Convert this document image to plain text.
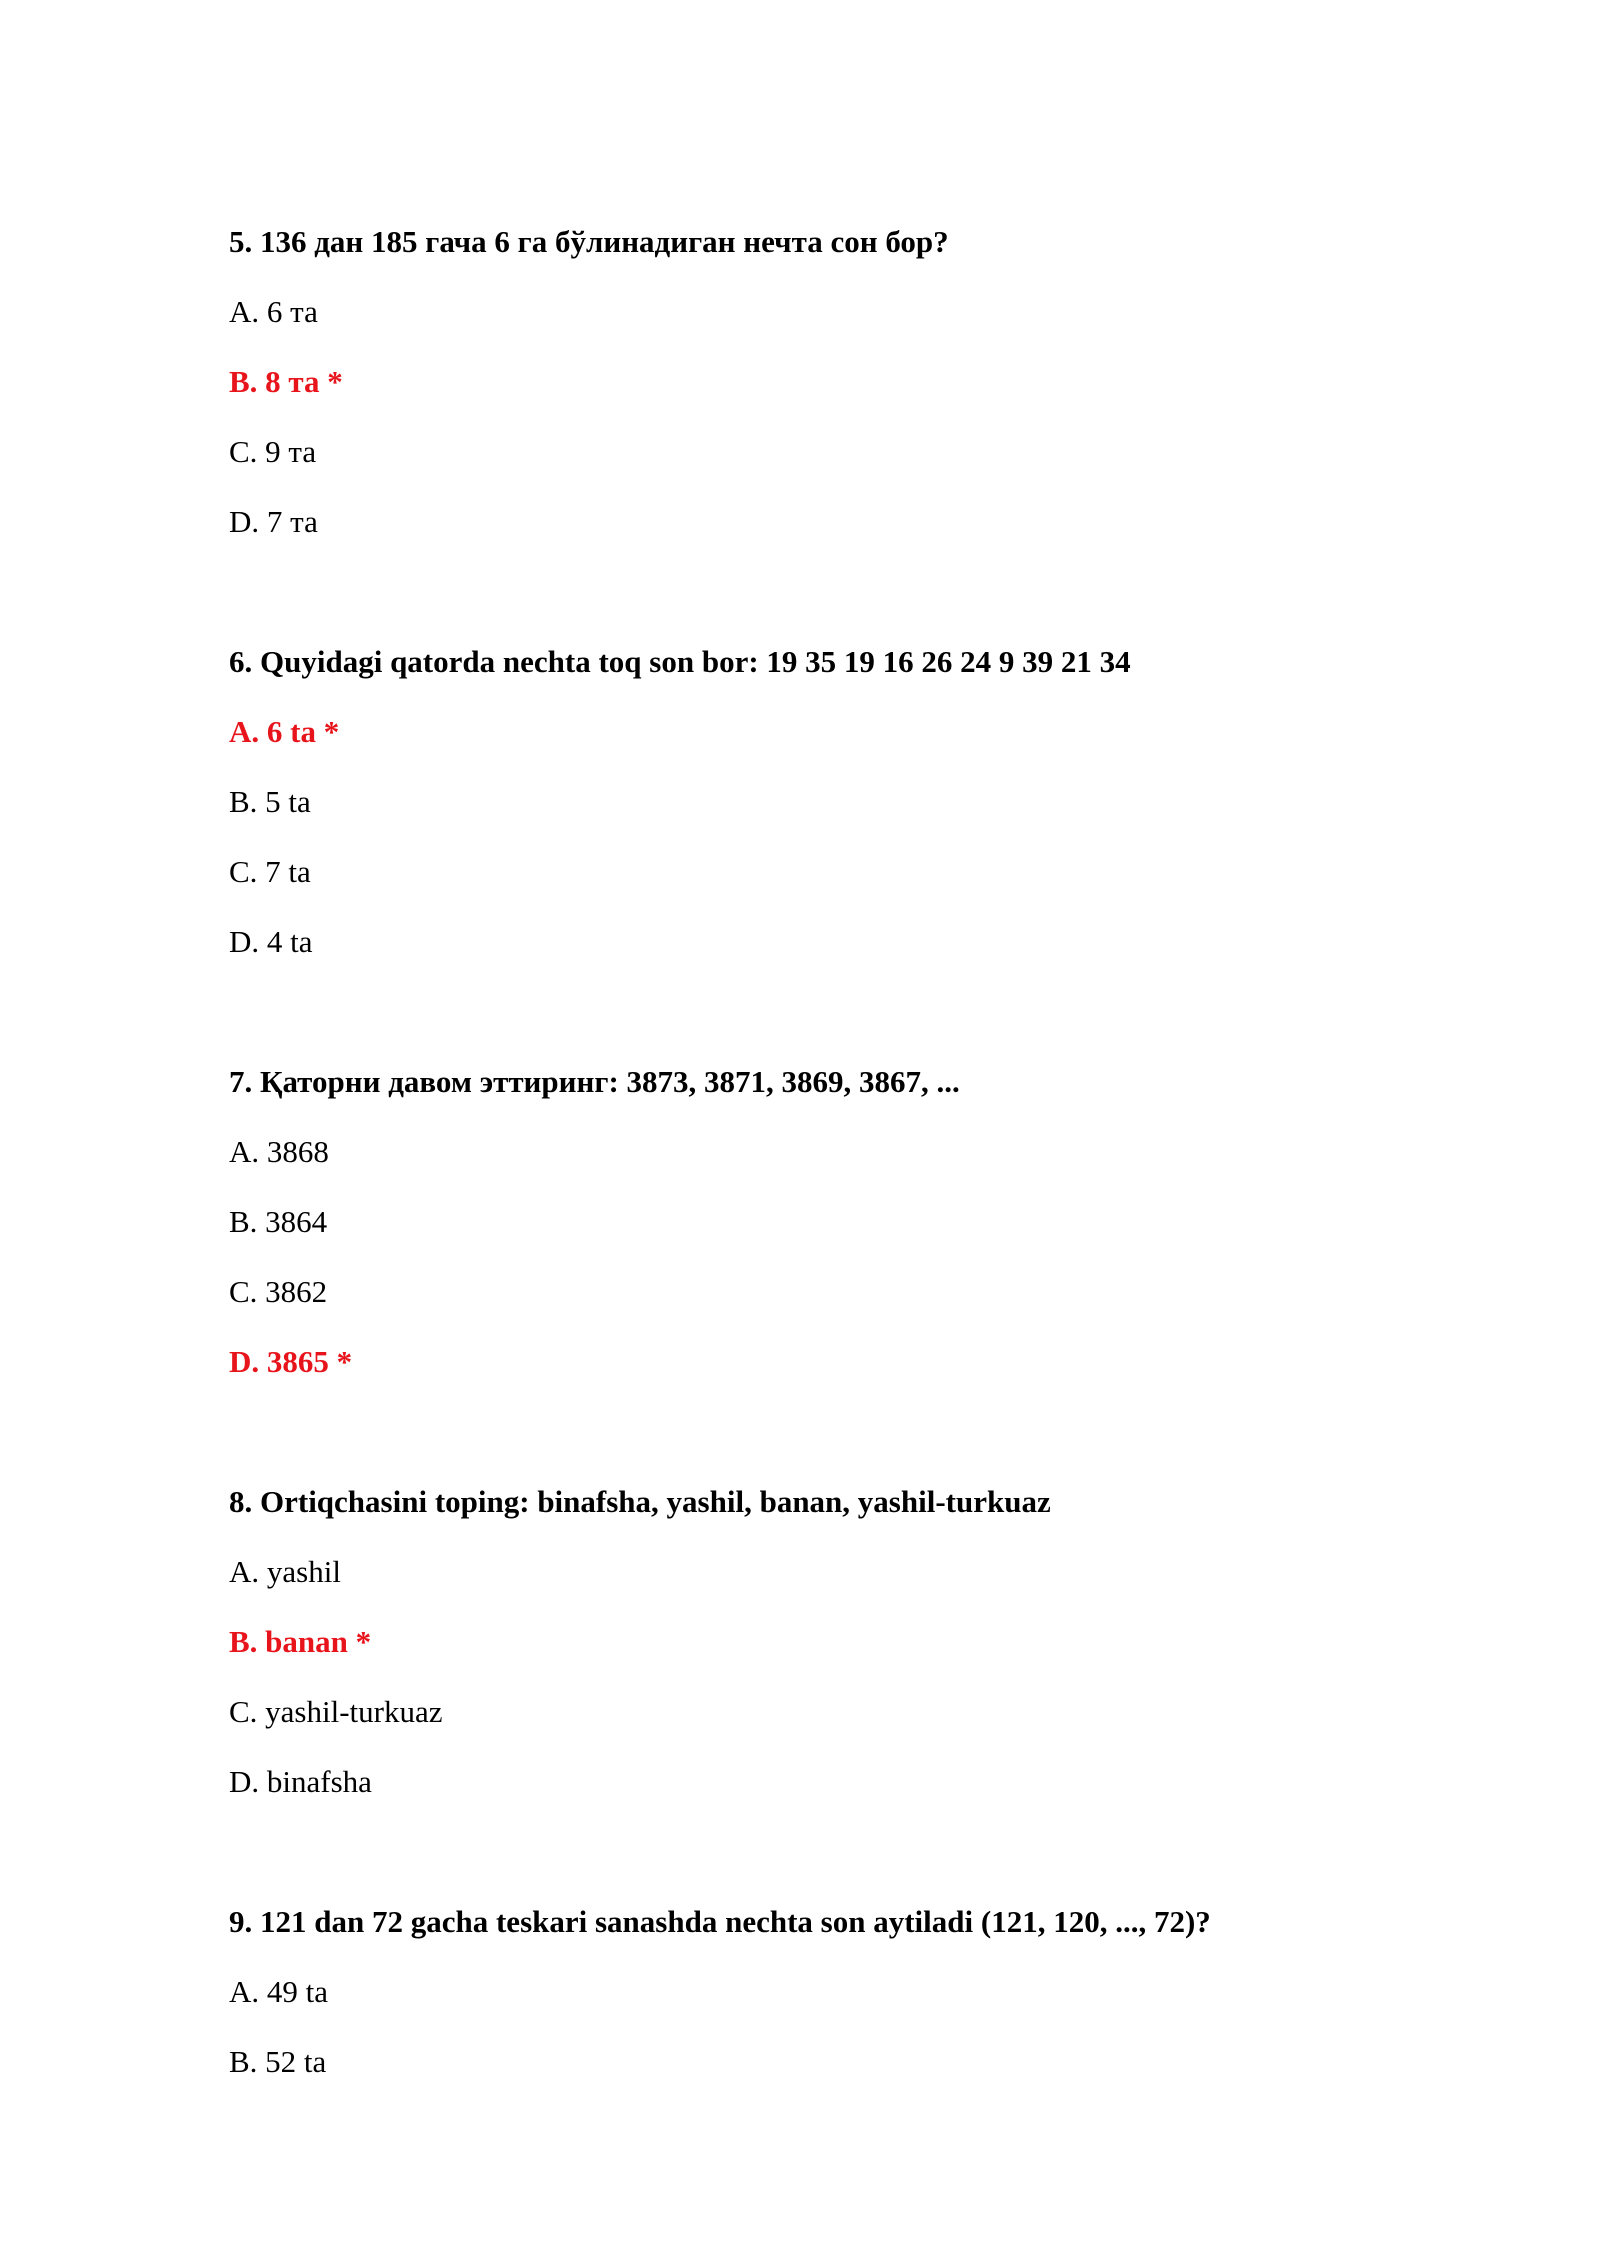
5. 136 дан 185 гача 6 га бўлинадиган нечта сон бор?
A. 6 та
B. 8 та *
C. 9 та
D. 7 та
6. Quyidagi qatorda nechta toq son bor: 19 35 19 16 26 24 9 39 21 34
A. 6 ta *
B. 5 ta
C. 7 ta
D. 4 ta
7. Қаторни давом эттиринг: 3873, 3871, 3869, 3867, ...
A. 3868
B. 3864
C. 3862
D. 3865 *
8. Ortiqchasini toping: binafsha, yashil, banan, yashil-turkuaz
A. yashil
B. banan *
C. yashil-turkuaz
D. binafsha
9. 121 dan 72 gacha teskari sanashda nechta son aytiladi (121, 120, ..., 72)?
A. 49 ta
B. 52 ta
